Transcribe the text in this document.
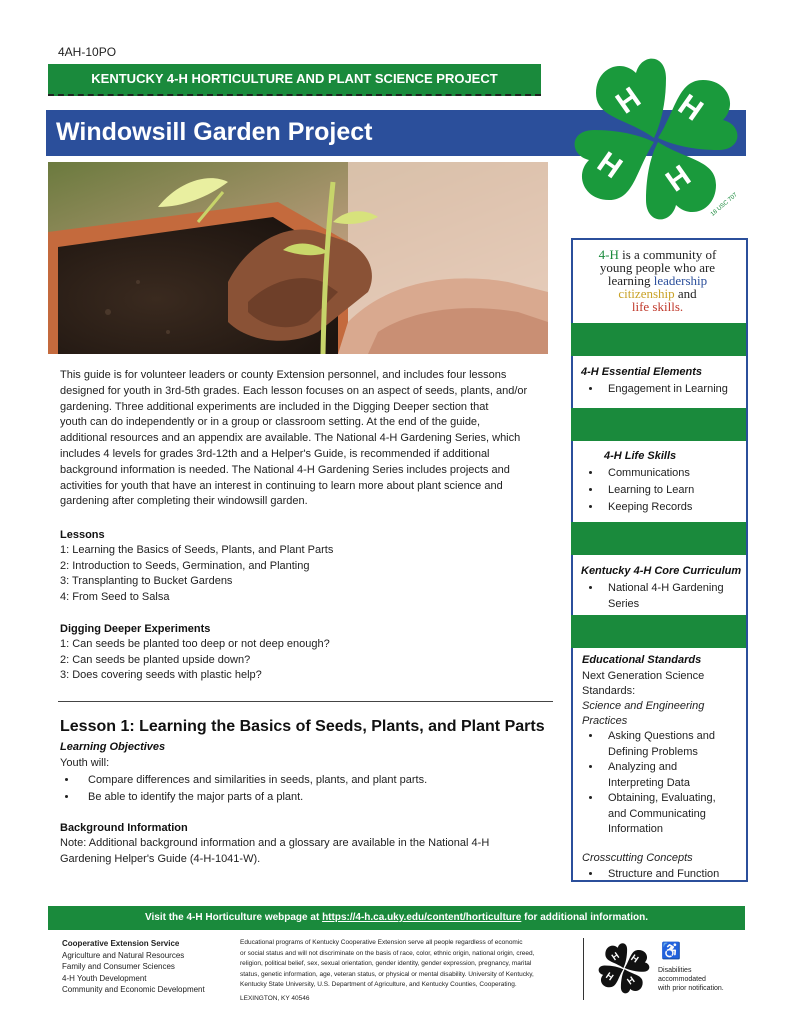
4AH-10PO
KENTUCKY 4-H HORTICULTURE AND PLANT SCIENCE PROJECT
Windowsill Garden Project
H H
H
H
18 USC 707
4-H is a community of
young people who are
learning leadership
citizenship and
life skills.
4-H Essential Elements
• Engagement in Learning
4-H Life Skills
• Communications
• Learning to Learn
• Keeping Records
Kentucky 4-H Core Curriculum
• National 4-H Gardening
Series
Educational Standards
Next Generation Science
Standards:
Science and Engineering
Practices
• Asking Questions and
Defining Problems
• Analyzing and
Interpreting Data
• Obtaining, Evaluating,
and Communicating
Information
Crosscutting Concepts
• Structure and Function
This guide is for volunteer leaders or county Extension personnel, and includes four lessons
designed for youth in 3rd-5th grades. Each lesson focuses on an aspect of seeds, plants, and/or
gardening. Three additional experiments are included in the Digging Deeper section that
youth can do independently or in a group or classroom setting. At the end of the guide,
additional resources and an appendix are available. The National 4-H Gardening Series, which
includes 4 levels for grades 3rd-12th and a Helper's Guide, is recommended if additional
background information is needed. The National 4-H Gardening Series includes projects and
activities for youth that have an interest in continuing to learn more about plant science and
gardening after completing their windowsill garden.
Lessons
1: Learning the Basics of Seeds, Plants, and Plant Parts
2: Introduction to Seeds, Germination, and Planting
3: Transplanting to Bucket Gardens
4: From Seed to Salsa
Digging Deeper Experiments
1: Can seeds be planted too deep or not deep enough?
2: Can seeds be planted upside down?
3: Does covering seeds with plastic help?
Lesson 1: Learning the Basics of Seeds, Plants, and Plant Parts
Learning Objectives
Youth will:
• Compare differences and similarities in seeds, plants, and plant parts.
• Be able to identify the major parts of a plant.
Background Information
Note: Additional background information and a glossary are available in the National 4-H
Gardening Helper's Guide (4-H-1041-W).
Visit the 4-H Horticulture webpage at https://4-h.ca.uky.edu/content/horticulture for additional information.
Cooperative Extension Service
Agriculture and Natural Resources
Family and Consumer Sciences
4-H Youth Development
Community and Economic Development
Educational programs of Kentucky Cooperative Extension serve all people regardless of economic
or social status and will not discriminate on the basis of race, color, ethnic origin, national origin, creed,
religion, political belief, sex, sexual orientation, gender identity, gender expression, pregnancy, marital
status, genetic information, age, veteran status, or physical or mental disability. University of Kentucky,
Kentucky State University, U.S. Department of Agriculture, and Kentucky Counties, Cooperating.
LEXINGTON, KY 40546
H H
H
H
♿
Disabilities
accommodated
with prior notification.
